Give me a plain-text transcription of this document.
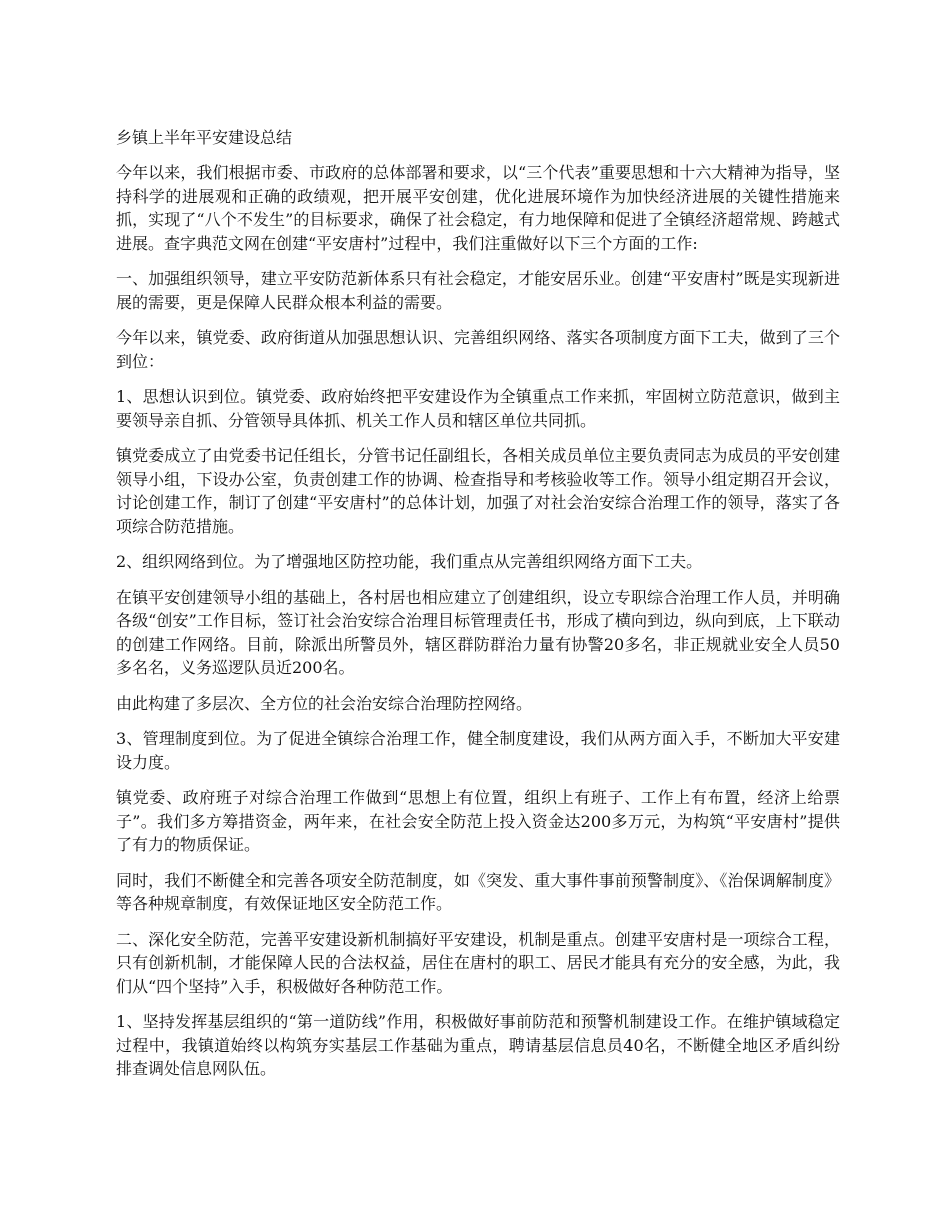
乡镇上半年平安建设总结

今年以来，我们根据市委、市政府的总体部署和要求，以“三个代表”重要思想和十六大精神为指导，坚持科学的进展观和正确的政绩观，把开展平安创建，优化进展环境作为加快经济进展的关键性措施来抓，实现了“八个不发生”的目标要求，确保了社会稳定，有力地保障和促进了全镇经济超常规、跨越式进展。查字典范文网在创建“平安唐村”过程中，我们注重做好以下三个方面的工作:

一、加强组织领导，建立平安防范新体系只有社会稳定，才能安居乐业。创建“平安唐村”既是实现新进展的需要，更是保障人民群众根本利益的需要。

今年以来，镇党委、政府街道从加强思想认识、完善组织网络、落实各项制度方面下工夫，做到了三个到位：

1、思想认识到位。镇党委、政府始终把平安建设作为全镇重点工作来抓，牢固树立防范意识，做到主要领导亲自抓、分管领导具体抓、机关工作人员和辖区单位共同抓。

镇党委成立了由党委书记任组长，分管书记任副组长，各相关成员单位主要负责同志为成员的平安创建领导小组，下设办公室，负责创建工作的协调、检查指导和考核验收等工作。领导小组定期召开会议，讨论创建工作，制订了创建“平安唐村”的总体计划，加强了对社会治安综合治理工作的领导，落实了各项综合防范措施。

2、组织网络到位。为了增强地区防控功能，我们重点从完善组织网络方面下工夫。

在镇平安创建领导小组的基础上，各村居也相应建立了创建组织，设立专职综合治理工作人员，并明确各级“创安”工作目标，签订社会治安综合治理目标管理责任书，形成了横向到边，纵向到底，上下联动的创建工作网络。目前，除派出所警员外，辖区群防群治力量有协警20多名，非正规就业安全人员50多名名，义务巡逻队员近200名。

由此构建了多层次、全方位的社会治安综合治理防控网络。

3、管理制度到位。为了促进全镇综合治理工作，健全制度建设，我们从两方面入手，不断加大平安建设力度。

镇党委、政府班子对综合治理工作做到“思想上有位置，组织上有班子、工作上有布置，经济上给票子”。我们多方筹措资金，两年来，在社会安全防范上投入资金达200多万元，为构筑“平安唐村”提供了有力的物质保证。

同时，我们不断健全和完善各项安全防范制度，如《突发、重大事件事前预警制度》、《治保调解制度》等各种规章制度，有效保证地区安全防范工作。

二、深化安全防范，完善平安建设新机制搞好平安建设，机制是重点。创建平安唐村是一项综合工程，只有创新机制，才能保障人民的合法权益，居住在唐村的职工、居民才能具有充分的安全感，为此，我们从“四个坚持”入手，积极做好各种防范工作。

1、坚持发挥基层组织的“第一道防线”作用，积极做好事前防范和预警机制建设工作。在维护镇域稳定过程中，我镇道始终以构筑夯实基层工作基础为重点，聘请基层信息员40名，不断健全地区矛盾纠纷排查调处信息网队伍。
